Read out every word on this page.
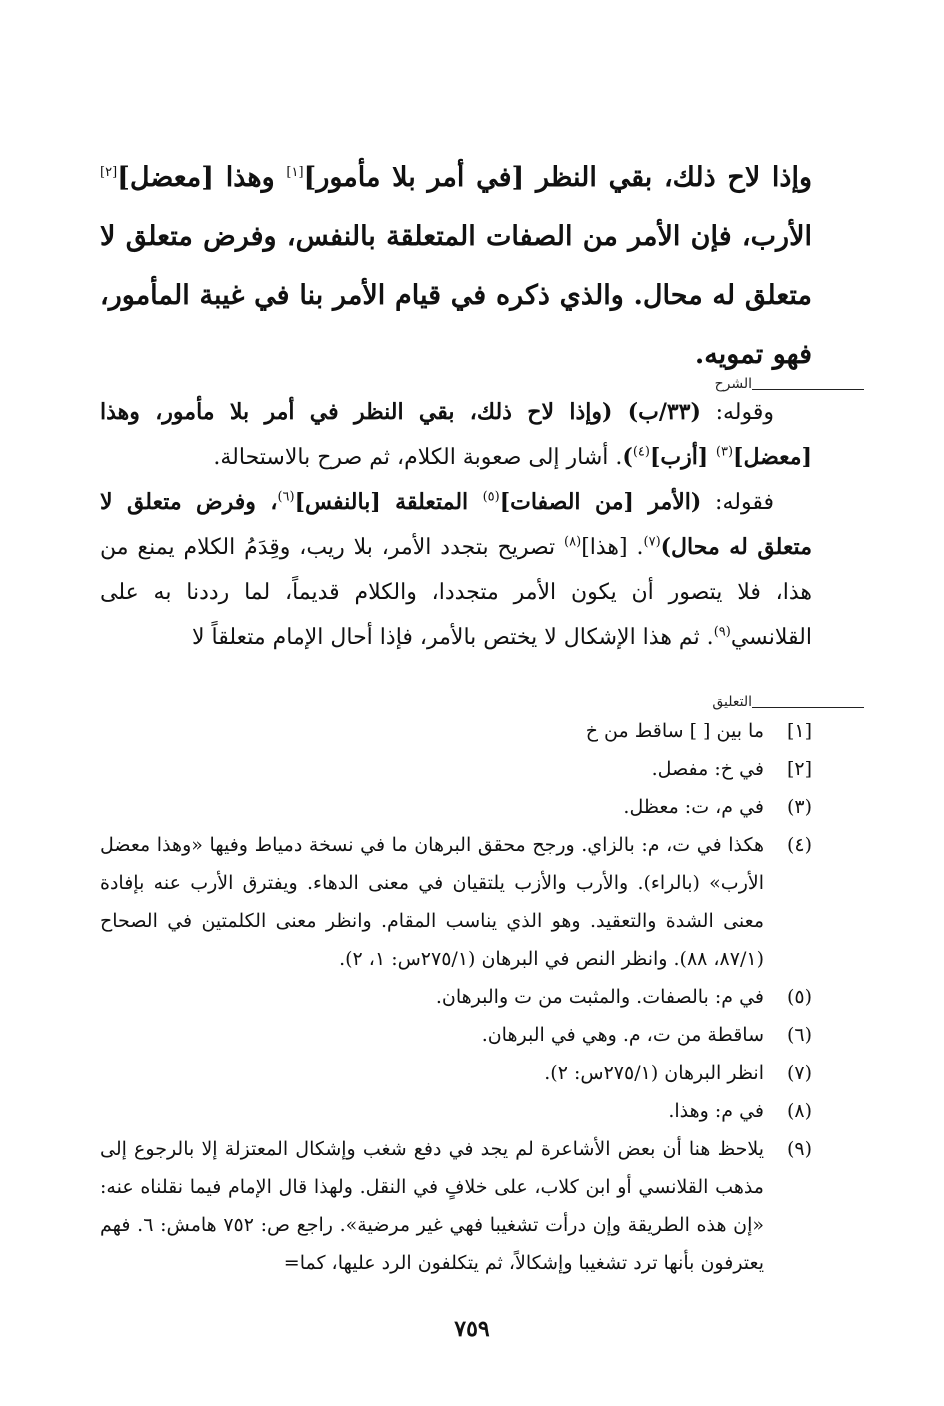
وإذا لاح ذلك، بقي النظر [في أمر بلا مأمور][١] وهذا [معضل][٢] الأرب، فإن الأمر من الصفات المتعلقة بالنفس، وفرض متعلق لا متعلق له محال. والذي ذكره في قيام الأمر بنا في غيبة المأمور، فهو تمويه.
الشرح

وقوله: (٣٣/ب) (وإذا لاح ذلك، بقي النظر في أمر بلا مأمور، وهذا [معضل]$^{(٣)}$ [أزب]$^{(٤)}$). أشار إلى صعوبة الكلام، ثم صرح بالاستحالة.

فقوله: (الأمر [من الصفات]$^{(٥)}$ المتعلقة [بالنفس]$^{(٦)}$، وفرض متعلق لا متعلق له محال)$^{(٧)}$. [هذا]$^{(٨)}$ تصريح بتجدد الأمر، بلا ريب، وقِدَمُ الكلام يمنع من هذا، فلا يتصور أن يكون الأمر متجددا، والكلام قديماً، لما رددنا به على القلانسي$^{(٩)}$. ثم هذا الإشكال لا يختص بالأمر، فإذا أحال الإمام متعلقاً لا

التعليق
[١]
ما بين [ ] ساقط من خ
[٢]
في خ: مفصل.
(٣)
في م، ت: معظل.
(٤)
هكذا في ت، م: بالزاي. ورجح محقق البرهان ما في نسخة دمياط وفيها «وهذا معضل الأرب» (بالراء). والأرب والأزب يلتقيان في معنى الدهاء. ويفترق الأرب عنه بإفادة معنى الشدة والتعقيد. وهو الذي يناسب المقام. وانظر معنى الكلمتين في الصحاح (٨٧/١، ٨٨). وانظر النص في البرهان (٢٧٥/١س: ١، ٢).
(٥)
في م: بالصفات. والمثبت من ت والبرهان.
(٦)
ساقطة من ت، م. وهي في البرهان.
(٧)
انظر البرهان (٢٧٥/١س: ٢).
(٨)
في م: وهذا.
(٩)
يلاحظ هنا أن بعض الأشاعرة لم يجد في دفع شغب وإشكال المعتزلة إلا بالرجوع إلى مذهب القلانسي أو ابن كلاب، على خلافٍ في النقل. ولهذا قال الإمام فيما نقلناه عنه: «إن هذه الطريقة وإن درأت تشغيبا فهي غير مرضية». راجع ص: ٧٥٢ هامش: ٦. فهم يعترفون بأنها ترد تشغيبا وإشكالاً، ثم يتكلفون الرد عليها، كما=
٧٥٩
